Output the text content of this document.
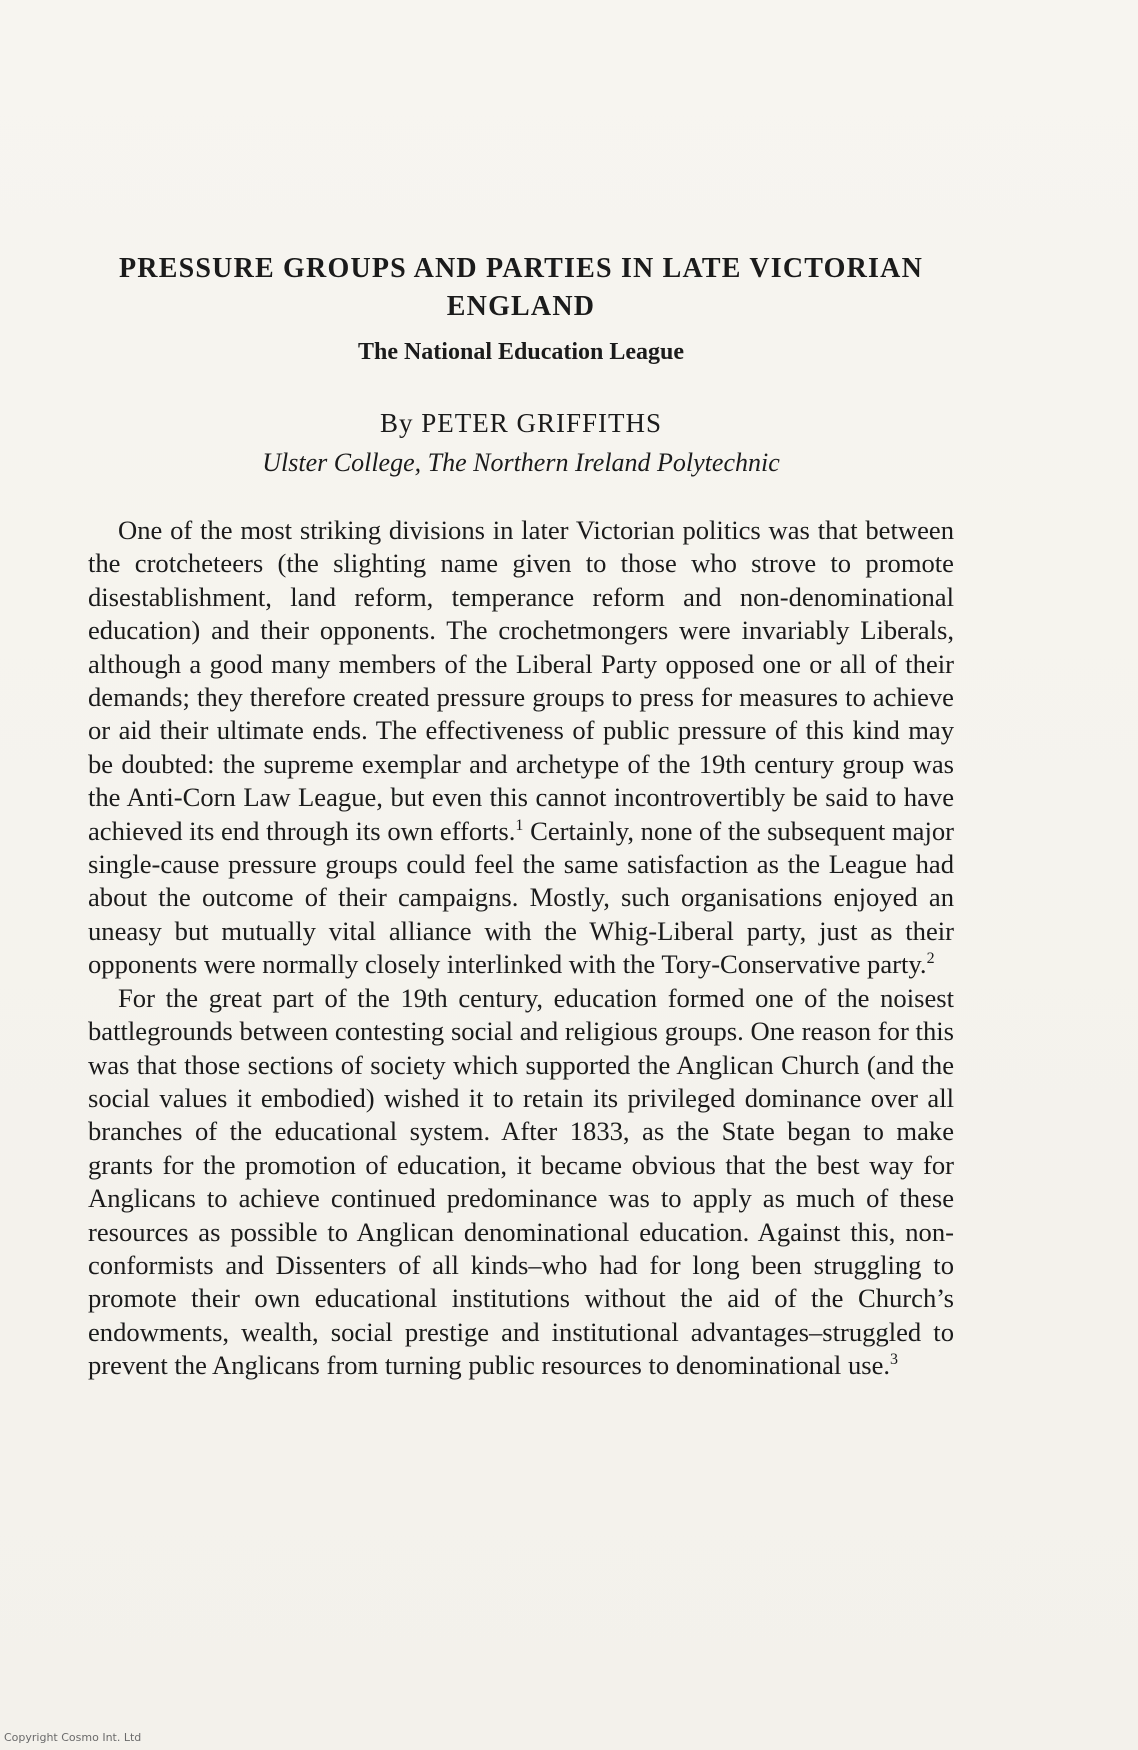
PRESSURE GROUPS AND PARTIES IN LATE VICTORIAN
ENGLAND
The National Education League
By PETER GRIFFITHS
Ulster College, The Northern Ireland Polytechnic

One of the most striking divisions in later Victorian politics was that between the crotcheteers (the slighting name given to those who strove to promote disestablishment, land reform, temperance reform and non-denominational education) and their opponents. The crochetmongers were invariably Liberals, although a good many members of the Liberal Party opposed one or all of their demands; they therefore created pressure groups to press for measures to achieve or aid their ultimate ends. The effectiveness of public pressure of this kind may be doubted: the supreme exemplar and archetype of the 19th century group was the Anti-Corn Law League, but even this cannot incontrovertibly be said to have achieved its end through its own efforts.$^1$ Certainly, none of the subsequent major single-cause pressure groups could feel the same satisfaction as the League had about the outcome of their campaigns. Mostly, such organisations enjoyed an uneasy but mutually vital alliance with the Whig-Liberal party, just as their opponents were normally closely interlinked with the Tory-Conservative party.$^2$

For the great part of the 19th century, education formed one of the noisest battlegrounds between contesting social and religious groups. One reason for this was that those sections of society which supported the Anglican Church (and the social values it embodied) wished it to retain its privileged dominance over all branches of the educational system. After 1833, as the State began to make grants for the promotion of education, it became obvious that the best way for Anglicans to achieve continued predominance was to apply as much of these resources as possible to Anglican denominational education. Against this, non-conformists and Dissenters of all kinds–who had for long been struggling to promote their own educational institutions without the aid of the Church’s endowments, wealth, social prestige and institutional advantages–struggled to prevent the Anglicans from turning public resources to denominational use.$^3$

Copyright Cosmo Int. Ltd
